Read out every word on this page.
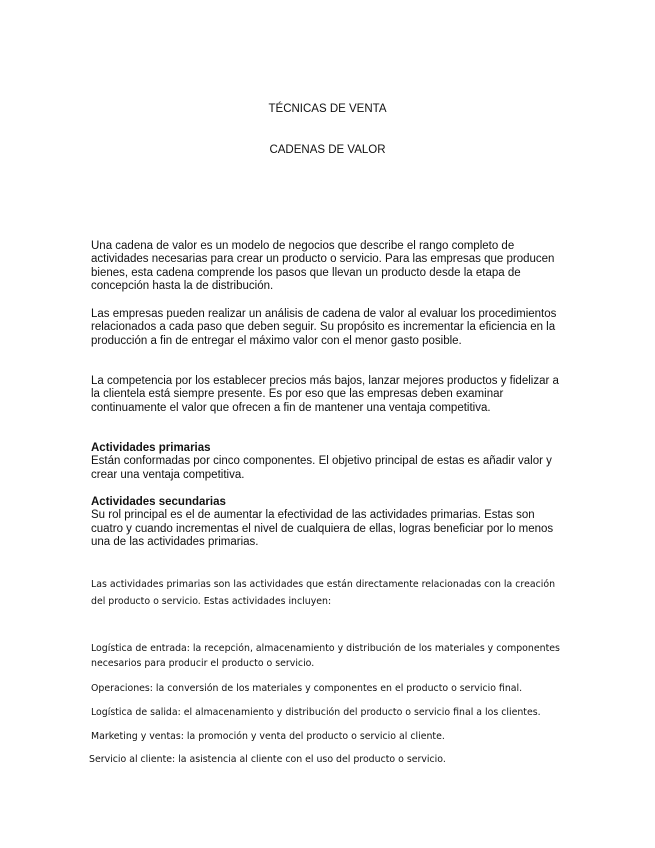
TÉCNICAS DE VENTA
CADENAS DE VALOR
Una cadena de valor es un modelo de negocios que describe el rango completo de actividades necesarias para crear un producto o servicio. Para las empresas que producen bienes, esta cadena comprende los pasos que llevan un producto desde la etapa de concepción hasta la de distribución.
Las empresas pueden realizar un análisis de cadena de valor al evaluar los procedimientos relacionados a cada paso que deben seguir. Su propósito es incrementar la eficiencia en la producción a fin de entregar el máximo valor con el menor gasto posible.
La competencia por los establecer precios más bajos, lanzar mejores productos y fidelizar a la clientela está siempre presente. Es por eso que las empresas deben examinar continuamente el valor que ofrecen a fin de mantener una ventaja competitiva.
Actividades primarias
Están conformadas por cinco componentes. El objetivo principal de estas es añadir valor y crear una ventaja competitiva.
Actividades secundarias
Su rol principal es el de aumentar la efectividad de las actividades primarias. Estas son cuatro y cuando incrementas el nivel de cualquiera de ellas, logras beneficiar por lo menos una de las actividades primarias.
Las actividades primarias son las actividades que están directamente relacionadas con la creación del producto o servicio. Estas actividades incluyen:
Logística de entrada: la recepción, almacenamiento y distribución de los materiales y componentes necesarios para producir el producto o servicio.
Operaciones: la conversión de los materiales y componentes en el producto o servicio final.
Logística de salida: el almacenamiento y distribución del producto o servicio final a los clientes.
Marketing y ventas: la promoción y venta del producto o servicio al cliente.
Servicio al cliente: la asistencia al cliente con el uso del producto o servicio.
